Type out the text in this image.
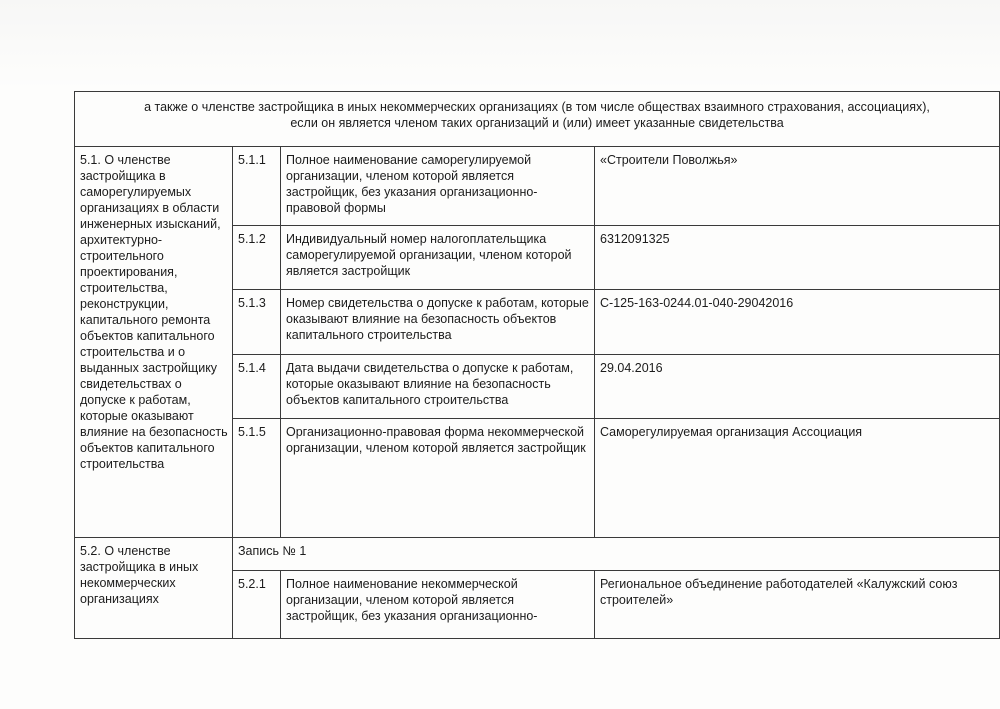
а также о членстве застройщика в иных некоммерческих организациях (в том числе обществах взаимного страхования, ассоциациях),
если он является членом таких организаций и (или) имеет указанные свидетельства			

5.1. О членстве застройщика в саморегулируемых организациях в области инженерных изысканий, архитектурно-строительного проектирования, строительства, реконструкции, капитального ремонта объектов капитального строительства и о выданных застройщику свидетельствах о допуске к работам, которые оказывают влияние на безопасность объектов капитального строительства	5.1.1	Полное наименование саморегулируемой организации, членом которой является застройщик, без указания организационно-правовой формы	«Строители Поволжья»
	5.1.2	Индивидуальный номер налогоплательщика саморегулируемой организации, членом которой является застройщик	6312091325
	5.1.3	Номер свидетельства о допуске к работам, которые оказывают влияние на безопасность объектов капитального строительства	С-125-163-0244.01-040-29042016
	5.1.4	Дата выдачи свидетельства о допуске к работам, которые оказывают влияние на безопасность объектов капитального строительства	29.04.2016
	5.1.5	Организационно-правовая форма некоммерческой организации, членом которой является застройщик	Саморегулируемая организация Ассоциация
5.2. О членстве застройщика в иных некоммерческих организациях	Запись № 1		
	5.2.1	Полное наименование некоммерческой организации, членом которой является застройщик, без указания организационно-	Региональное объединение работодателей «Калужский союз строителей»
